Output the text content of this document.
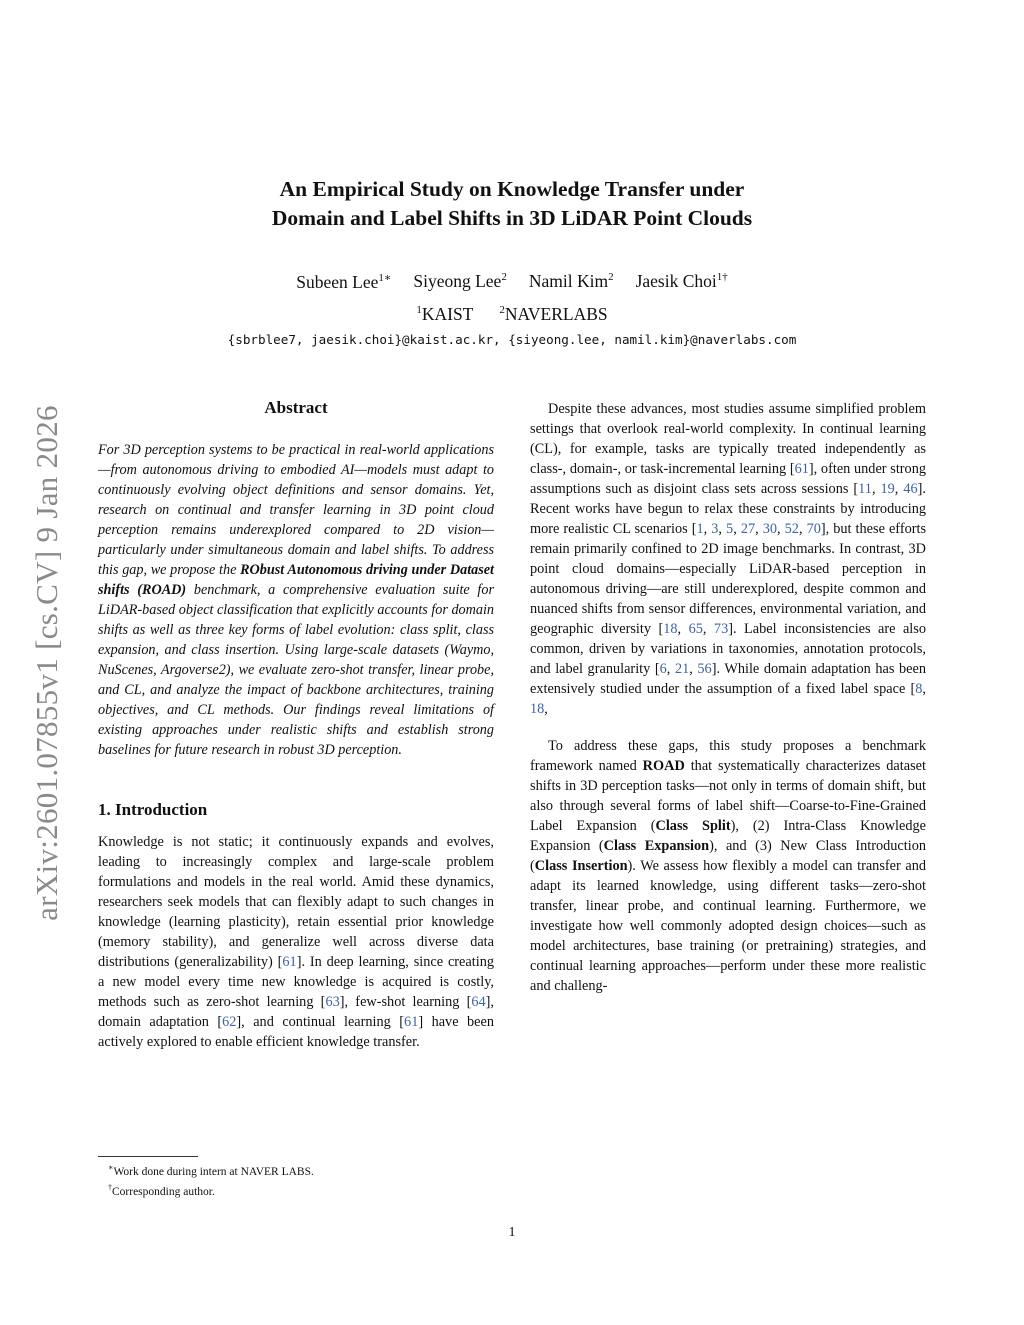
arXiv:2601.07855v1 [cs.CV] 9 Jan 2026
An Empirical Study on Knowledge Transfer under
Domain and Label Shifts in 3D LiDAR Point Clouds
Subeen Lee$^{1∗}$ Siyeong Lee$^2$ Namil Kim$^2$ Jaesik Choi$^{1\dagger}$
$^1$KAIST $^2$NAVERLABS
{sbrblee7, jaesik.choi}@kaist.ac.kr, {siyeong.lee, namil.kim}@naverlabs.com
Abstract

For 3D perception systems to be practical in real-world applications—from autonomous driving to embodied AI—models must adapt to continuously evolving object definitions and sensor domains. Yet, research on continual and transfer learning in 3D point cloud perception remains underexplored compared to 2D vision—particularly under simultaneous domain and label shifts. To address this gap, we propose the RObust Autonomous driving under Dataset shifts (ROAD) benchmark, a comprehensive evaluation suite for LiDAR-based object classification that explicitly accounts for domain shifts as well as three key forms of label evolution: class split, class expansion, and class insertion. Using large-scale datasets (Waymo, NuScenes, Argoverse2), we evaluate zero-shot transfer, linear probe, and CL, and analyze the impact of backbone architectures, training objectives, and CL methods. Our findings reveal limitations of existing approaches under realistic shifts and establish strong baselines for future research in robust 3D perception.

1. Introduction

Knowledge is not static; it continuously expands and evolves, leading to increasingly complex and large-scale problem formulations and models in the real world. Amid these dynamics, researchers seek models that can flexibly adapt to such changes in knowledge (learning plasticity), retain essential prior knowledge (memory stability), and generalize well across diverse data distributions (generalizability) [61]. In deep learning, since creating a new model every time new knowledge is acquired is costly, methods such as zero-shot learning [63], few-shot learning [64], domain adaptation [62], and continual learning [61] have been actively explored to enable efficient knowledge transfer.

Despite these advances, most studies assume simplified problem settings that overlook real-world complexity. In continual learning (CL), for example, tasks are typically treated independently as class-, domain-, or task-incremental learning [61], often under strong assumptions such as disjoint class sets across sessions [11, 19, 46]. Recent works have begun to relax these constraints by introducing more realistic CL scenarios [1, 3, 5, 27, 30, 52, 70], but these efforts remain primarily confined to 2D image benchmarks. In contrast, 3D point cloud domains—especially LiDAR-based perception in autonomous driving—are still underexplored, despite common and nuanced shifts from sensor differences, environmental variation, and geographic diversity [18, 65, 73]. Label inconsistencies are also common, driven by variations in taxonomies, annotation protocols, and label granularity [6, 21, 56]. While domain adaptation has been extensively studied under the assumption of a fixed label space [8, 18,

To address these gaps, this study proposes a benchmark framework named ROAD that systematically characterizes dataset shifts in 3D perception tasks—not only in terms of domain shift, but also through several forms of label shift—Coarse-to-Fine-Grained Label Expansion (Class Split), (2) Intra-Class Knowledge Expansion (Class Expansion), and (3) New Class Introduction (Class Insertion). We assess how flexibly a model can transfer and adapt its learned knowledge, using different tasks—zero-shot transfer, linear probe, and continual learning. Furthermore, we investigate how well commonly adopted design choices—such as model architectures, base training (or pretraining) strategies, and continual learning approaches—perform under these more realistic and challeng-

∗Work done during intern at NAVER LABS.
†Corresponding author.
1
